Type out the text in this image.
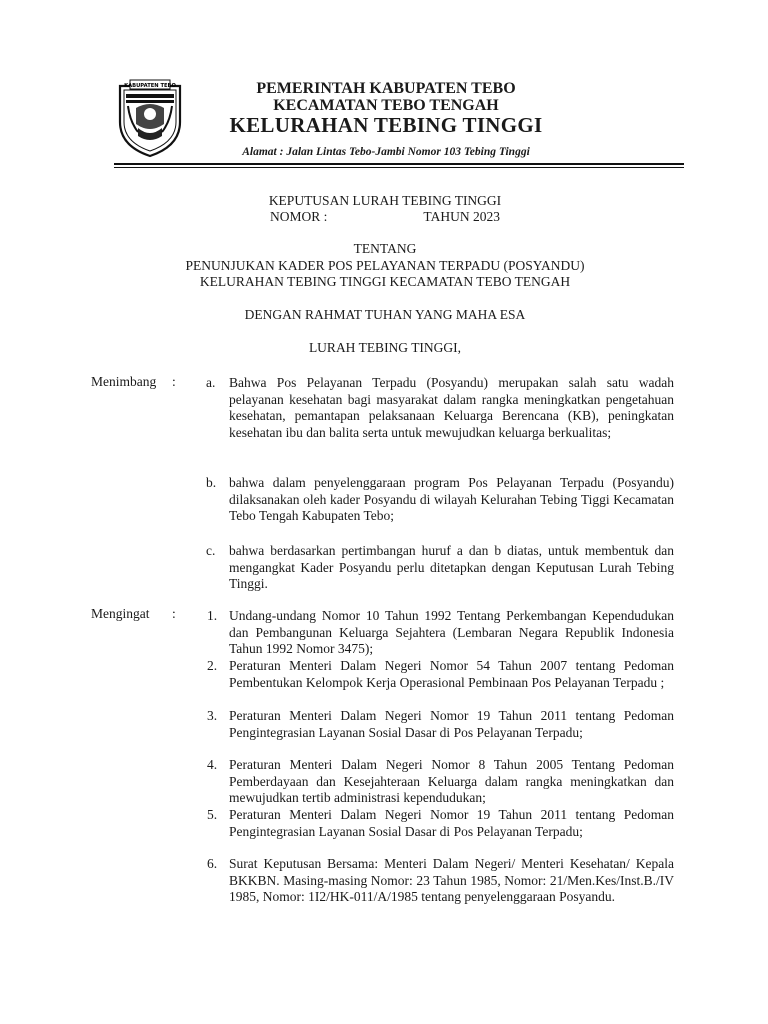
KABUPATEN TEBO	PEMERINTAH KABUPATEN TEBO
KECAMATAN TEBO TENGAH
KELURAHAN TEBING TINGGI
Alamat : Jalan Lintas Tebo-Jambi Nomor 103 Tebing Tinggi
KEPUTUSAN LURAH TEBING TINGGI
NOMOR :	TAHUN 2023
TENTANG
PENUNJUKAN KADER POS PELAYANAN TERPADU (POSYANDU)
KELURAHAN TEBING TINGGI KECAMATAN TEBO TENGAH
DENGAN RAHMAT TUHAN YANG MAHA ESA
LURAH TEBING TINGGI,
Menimbang : a. Bahwa Pos Pelayanan Terpadu (Posyandu) merupakan salah satu wadah pelayanan kesehatan bagi masyarakat dalam rangka meningkatkan pengetahuan kesehatan, pemantapan pelaksanaan Keluarga Berencana (KB), peningkatan kesehatan ibu dan balita serta untuk mewujudkan keluarga berkualitas;
b. bahwa dalam penyelenggaraan program Pos Pelayanan Terpadu (Posyandu) dilaksanakan oleh kader Posyandu di wilayah Kelurahan Tebing Tiggi Kecamatan Tebo Tengah Kabupaten Tebo;
c. bahwa berdasarkan pertimbangan huruf a dan b diatas, untuk membentuk dan mengangkat Kader Posyandu perlu ditetapkan dengan Keputusan Lurah Tebing Tinggi.
Mengingat : 1. Undang-undang Nomor 10 Tahun 1992 Tentang Perkembangan Kependudukan dan Pembangunan Keluarga Sejahtera (Lembaran Negara Republik Indonesia Tahun 1992 Nomor 3475);
2. Peraturan Menteri Dalam Negeri Nomor 54 Tahun 2007 tentang Pedoman Pembentukan Kelompok Kerja Operasional Pembinaan Pos Pelayanan Terpadu ;
3. Peraturan Menteri Dalam Negeri Nomor 19 Tahun 2011 tentang Pedoman Pengintegrasian Layanan Sosial Dasar di Pos Pelayanan Terpadu;
4. Peraturan Menteri Dalam Negeri Nomor 8 Tahun 2005 Tentang Pedoman Pemberdayaan dan Kesejahteraan Keluarga dalam rangka meningkatkan dan mewujudkan tertib administrasi kependudukan;
5. Peraturan Menteri Dalam Negeri Nomor 19 Tahun 2011 tentang Pedoman Pengintegrasian Layanan Sosial Dasar di Pos Pelayanan Terpadu;
6. Surat Keputusan Bersama: Menteri Dalam Negeri/ Menteri Kesehatan/ Kepala BKKBN. Masing-masing Nomor: 23 Tahun 1985, Nomor: 21/Men.Kes/Inst.B./IV 1985, Nomor: 1I2/HK-011/A/1985 tentang penyelenggaraan Posyandu.
